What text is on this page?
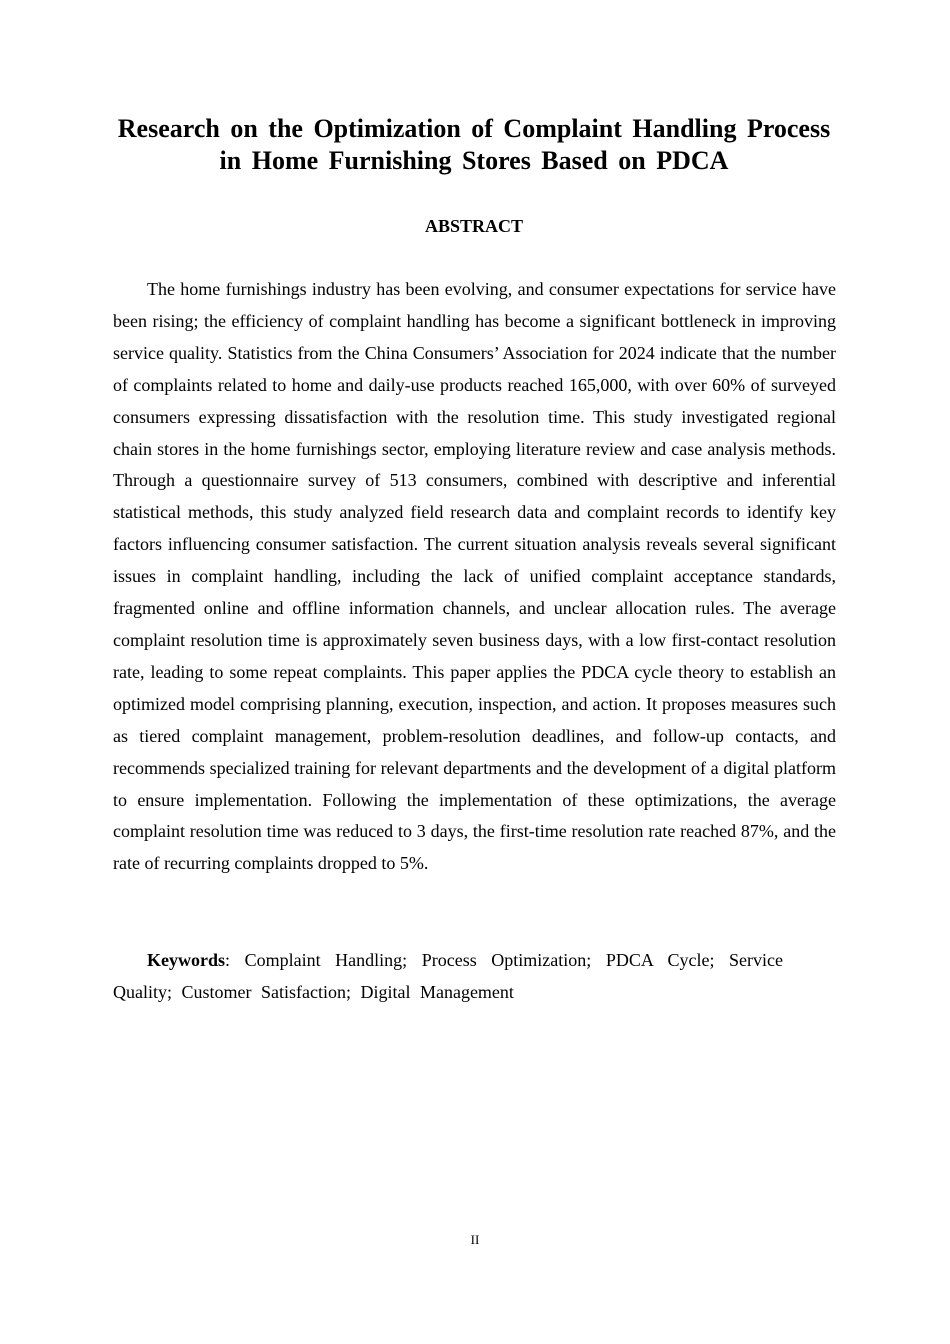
Research on the Optimization of Complaint Handling Process
in Home Furnishing Stores Based on PDCA
ABSTRACT

The home furnishings industry has been evolving, and consumer expectations for service have been rising; the efficiency of complaint handling has become a significant bottleneck in improving service quality. Statistics from the China Consumers’ Association for 2024 indicate that the number of complaints related to home and daily-use products reached 165,000, with over 60% of surveyed consumers expressing dissatisfaction with the resolution time. This study investigated regional chain stores in the home furnishings sector, employing literature review and case analysis methods. Through a questionnaire survey of 513 consumers, combined with descriptive and inferential statistical methods, this study analyzed field research data and complaint records to identify key factors influencing consumer satisfaction. The current situation analysis reveals several significant issues in complaint handling, including the lack of unified complaint acceptance standards, fragmented online and offline information channels, and unclear allocation rules. The average complaint resolution time is approximately seven business days, with a low first-contact resolution rate, leading to some repeat complaints. This paper applies the PDCA cycle theory to establish an optimized model comprising planning, execution, inspection, and action. It proposes measures such as tiered complaint management, problem-resolution deadlines, and follow-up contacts, and recommends specialized training for relevant departments and the development of a digital platform to ensure implementation. Following the implementation of these optimizations, the average complaint resolution time was reduced to 3 days, the first-time resolution rate reached 87%, and the rate of recurring complaints dropped to 5%.

Keywords: Complaint Handling; Process Optimization; PDCA Cycle; Service Quality; Customer Satisfaction; Digital Management

II
